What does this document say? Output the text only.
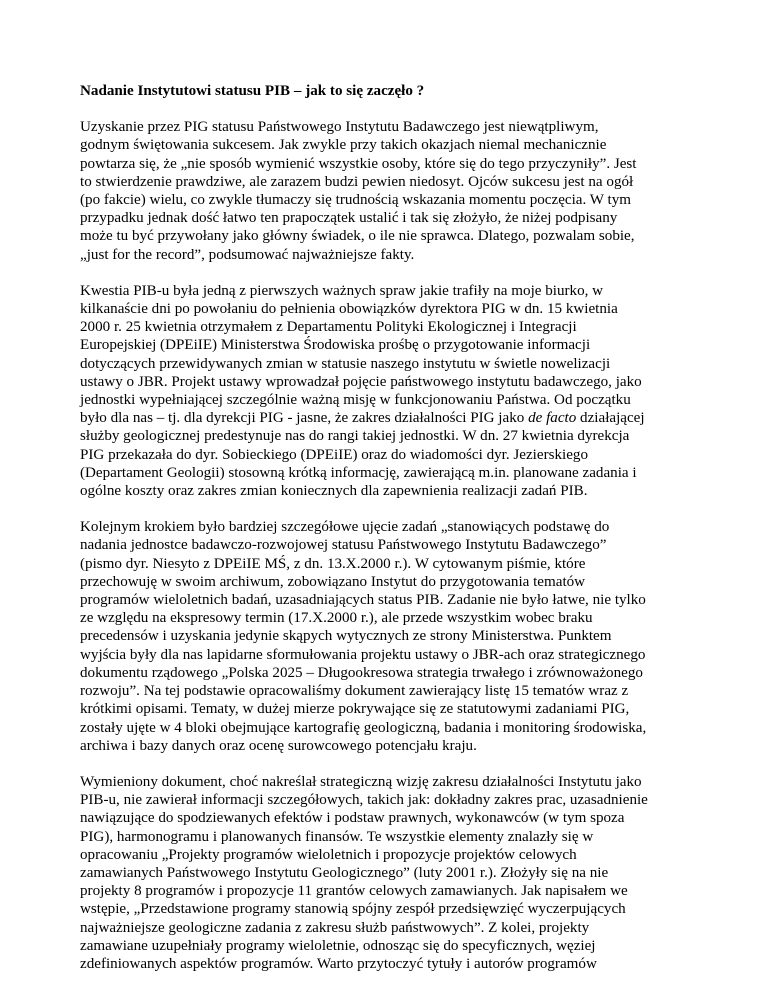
Nadanie Instytutowi statusu PIB – jak to się zaczęło ?
Uzyskanie przez PIG statusu Państwowego Instytutu Badawczego jest niewątpliwym,
godnym świętowania sukcesem. Jak zwykle przy takich okazjach niemal mechanicznie
powtarza się, że „nie sposób wymienić wszystkie osoby, które się do tego przyczyniły”. Jest
to stwierdzenie prawdziwe, ale zarazem budzi pewien niedosyt. Ojców sukcesu jest na ogół
(po fakcie) wielu, co zwykle tłumaczy się trudnością wskazania momentu poczęcia. W tym
przypadku jednak dość łatwo ten prapoczątek ustalić i tak się złożyło, że niżej podpisany
może tu być przywołany jako główny świadek, o ile nie sprawca. Dlatego, pozwalam sobie,
„just for the record”, podsumować najważniejsze fakty.
Kwestia PIB-u była jedną z pierwszych ważnych spraw jakie trafiły na moje biurko, w
kilkanaście dni po powołaniu do pełnienia obowiązków dyrektora PIG w dn. 15 kwietnia
2000 r. 25 kwietnia otrzymałem z Departamentu Polityki Ekologicznej i Integracji
Europejskiej (DPEiIE) Ministerstwa Środowiska prośbę o przygotowanie informacji
dotyczących przewidywanych zmian w statusie naszego instytutu w świetle nowelizacji
ustawy o JBR. Projekt ustawy wprowadzał pojęcie państwowego instytutu badawczego, jako
jednostki wypełniającej szczególnie ważną misję w funkcjonowaniu Państwa. Od początku
było dla nas – tj. dla dyrekcji PIG - jasne, że zakres działalności PIG jako de facto działającej
służby geologicznej predestynuje nas do rangi takiej jednostki. W dn. 27 kwietnia dyrekcja
PIG przekazała do dyr. Sobieckiego (DPEiIE) oraz do wiadomości dyr. Jezierskiego
(Departament Geologii) stosowną krótką informację, zawierającą m.in. planowane zadania i
ogólne koszty oraz zakres zmian koniecznych dla zapewnienia realizacji zadań PIB.
Kolejnym krokiem było bardziej szczegółowe ujęcie zadań „stanowiących podstawę do
nadania jednostce badawczo-rozwojowej statusu Państwowego Instytutu Badawczego”
(pismo dyr. Niesyto z DPEiIE MŚ, z dn. 13.X.2000 r.). W cytowanym piśmie, które
przechowuję w swoim archiwum, zobowiązano Instytut do przygotowania tematów
programów wieloletnich badań, uzasadniających status PIB. Zadanie nie było łatwe, nie tylko
ze względu na ekspresowy termin (17.X.2000 r.), ale przede wszystkim wobec braku
precedensów i uzyskania jedynie skąpych wytycznych ze strony Ministerstwa. Punktem
wyjścia były dla nas lapidarne sformułowania projektu ustawy o JBR-ach oraz strategicznego
dokumentu rządowego „Polska 2025 – Długookresowa strategia trwałego i zrównoważonego
rozwoju”. Na tej podstawie opracowaliśmy dokument zawierający listę 15 tematów wraz z
krótkimi opisami. Tematy, w dużej mierze pokrywające się ze statutowymi zadaniami PIG,
zostały ujęte w 4 bloki obejmujące kartografię geologiczną, badania i monitoring środowiska,
archiwa i bazy danych oraz ocenę surowcowego potencjału kraju.
Wymieniony dokument, choć nakreślał strategiczną wizję zakresu działalności Instytutu jako
PIB-u, nie zawierał informacji szczegółowych, takich jak: dokładny zakres prac, uzasadnienie
nawiązujące do spodziewanych efektów i podstaw prawnych, wykonawców (w tym spoza
PIG), harmonogramu i planowanych finansów. Te wszystkie elementy znalazły się w
opracowaniu „Projekty programów wieloletnich i propozycje projektów celowych
zamawianych Państwowego Instytutu Geologicznego” (luty 2001 r.). Złożyły się na nie
projekty 8 programów i propozycje 11 grantów celowych zamawianych. Jak napisałem we
wstępie, „Przedstawione programy stanowią spójny zespół przedsięwzięć wyczerpujących
najważniejsze geologiczne zadania z zakresu służb państwowych”. Z kolei, projekty
zamawiane uzupełniały programy wieloletnie, odnosząc się do specyficznych, węziej
zdefiniowanych aspektów programów. Warto przytoczyć tytuły i autorów programów
